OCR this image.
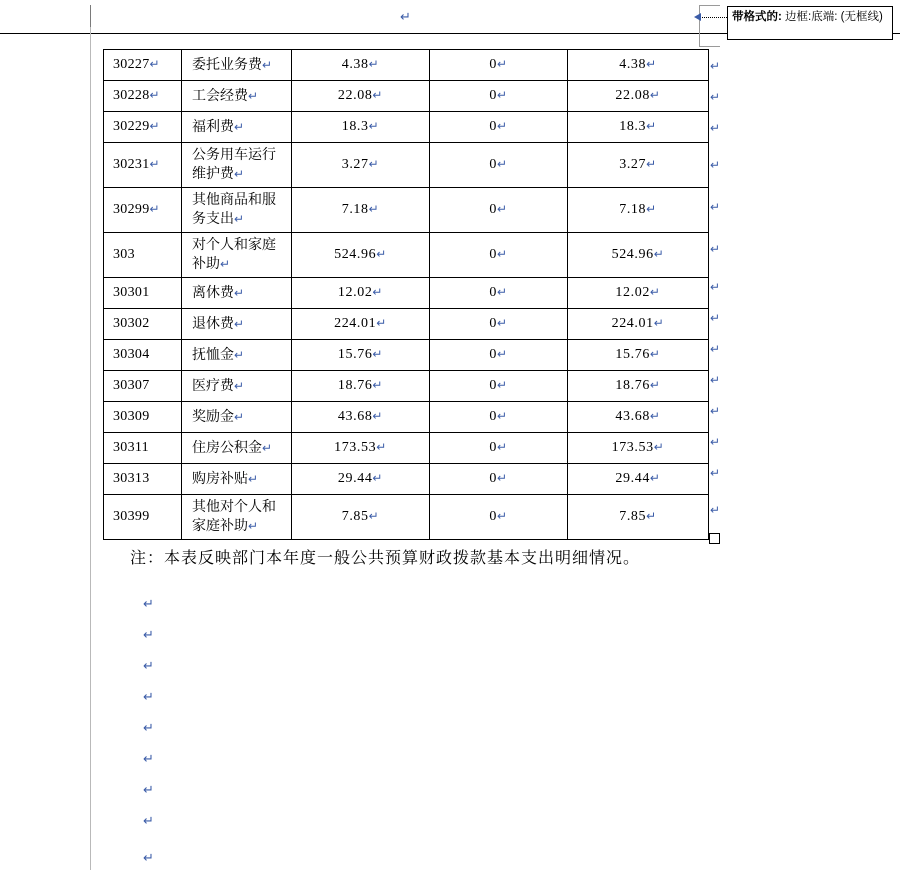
↵	带格式的: 边框:底端: (无框线)
30227↵	委托业务费↵	4.38↵	0↵	4.38↵
30228↵	工会经费↵	22.08↵	0↵	22.08↵
30229↵	福利费↵	18.3↵	0↵	18.3↵
30231↵	公务用车运行维护费↵	3.27↵	0↵	3.27↵
30299↵	其他商品和服务支出↵	7.18↵	0↵	7.18↵
303	对个人和家庭补助↵	524.96↵	0↵	524.96↵
30301	离休费↵	12.02↵	0↵	12.02↵
30302	退休费↵	224.01↵	0↵	224.01↵
30304	抚恤金↵	15.76↵	0↵	15.76↵
30307	医疗费↵	18.76↵	0↵	18.76↵
30309	奖励金↵	43.68↵	0↵	43.68↵
30311	住房公积金↵	173.53↵	0↵	173.53↵
30313	购房补贴↵	29.44↵	0↵	29.44↵
30399	其他对个人和家庭补助↵	7.85↵	0↵	7.85↵
↵
↵
↵
↵
↵
↵
↵
↵
↵
↵
↵
↵
↵
↵
注：本表反映部门本年度一般公共预算财政拨款基本支出明细情况。
↵
↵
↵
↵
↵
↵
↵
↵
↵
